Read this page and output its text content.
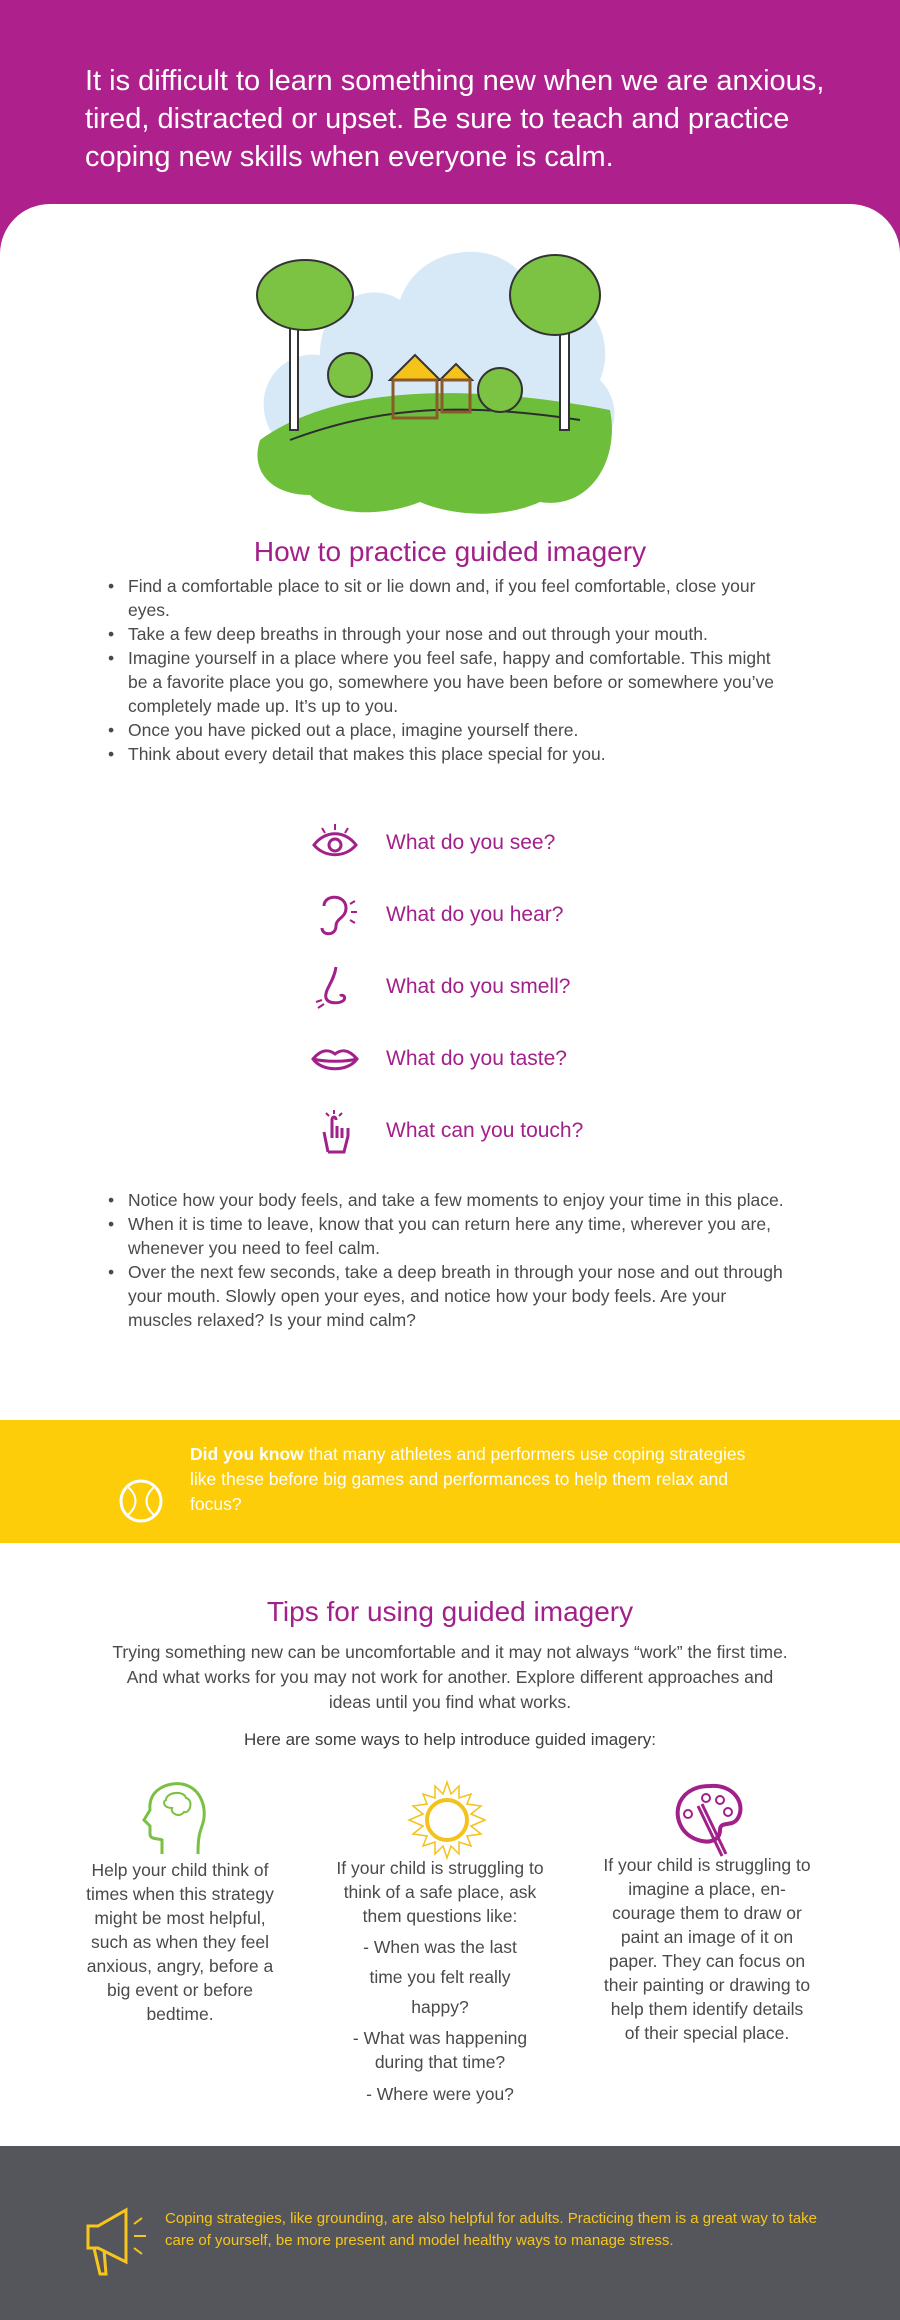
It is difficult to learn something new when we are anxious, tired, distracted or upset. Be sure to teach and practice coping new skills when everyone is calm.

How to practice guided imagery
• Find a comfortable place to sit or lie down and, if you feel comfortable, close your eyes.
• Take a few deep breaths in through your nose and out through your mouth.
• Imagine yourself in a place where you feel safe, happy and comfortable. This might be a favorite place you go, somewhere you have been before or somewhere you’ve completely made up. It’s up to you.
• Once you have picked out a place, imagine yourself there.
• Think about every detail that makes this place special for you.
What do you see?
What do you hear?
What do you smell?
What do you taste?
What can you touch?
• Notice how your body feels, and take a few moments to enjoy your time in this place.
• When it is time to leave, know that you can return here any time, wherever you are, whenever you need to feel calm.
• Over the next few seconds, take a deep breath in through your nose and out through your mouth. Slowly open your eyes, and notice how your body feels. Are your muscles relaxed? Is your mind calm?

Did you know that many athletes and performers use coping strategies like these before big games and performances to help them relax and focus?

Tips for using guided imagery

Trying something new can be uncomfortable and it may not always “work” the first time. And what works for you may not work for another. Explore different approaches and ideas until you find what works.

Here are some ways to help introduce guided imagery:

Help your child think of times when this strategy might be most helpful, such as when they feel anxious, angry, before a big event or before bedtime.

If your child is struggling to think of a safe place, ask them questions like:

- When was the last time you felt really happy?

- What was happening during that time?

- Where were you?

If your child is struggling to imagine a place, en-courage them to draw or paint an image of it on paper. They can focus on their painting or drawing to help them identify details of their special place.

Coping strategies, like grounding, are also helpful for adults. Practicing them is a great way to take care of yourself, be more present and model healthy ways to manage stress.
